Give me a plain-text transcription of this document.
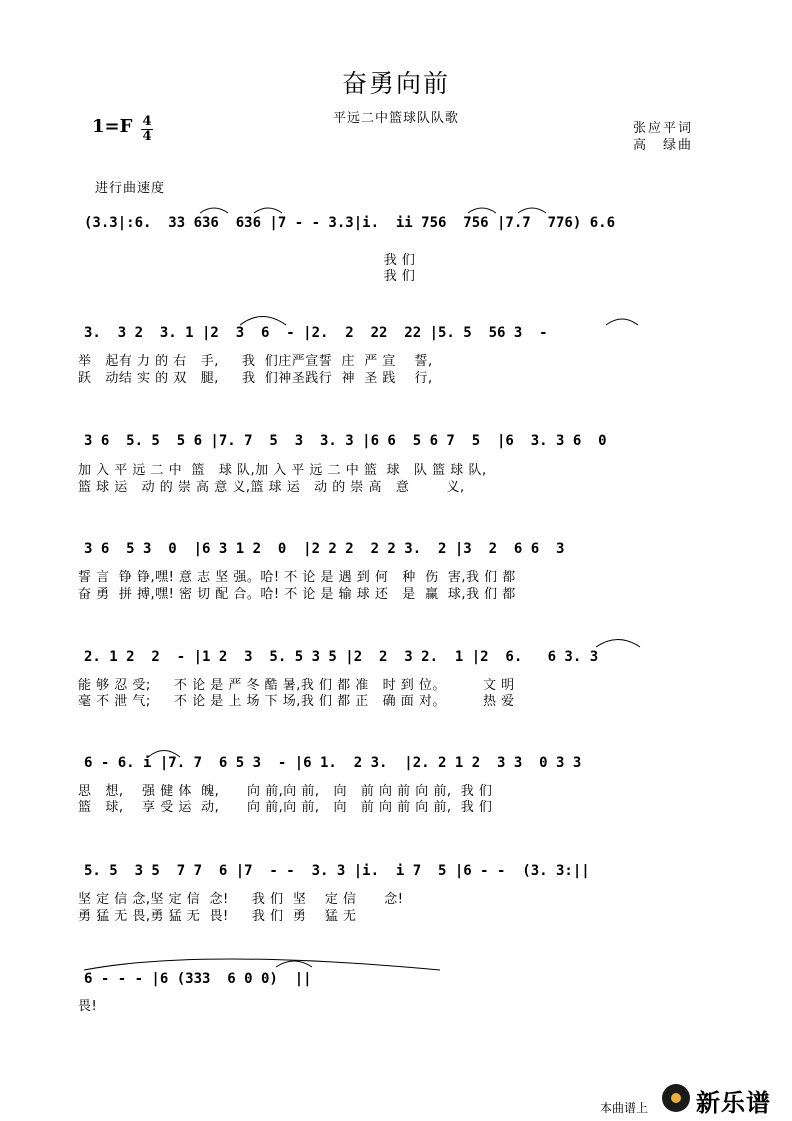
奋勇向前
平远二中篮球队队歌
1=F 4
4
张应平词
高　绿曲
进行曲速度
(3.3|:6.  33 636  636 |7 - - 3.3|i.  ii 756  756 |7.7  776) 6.6
我 们
我 们
3.  3 2  3. 1 |2  3  6  - |2.  2  22  22 |5. 5  56 3  -
举   起有 力 的 右   手,     我  们庄严宣誓  庄  严 宣    誓,
跃   动结 实 的 双   腿,     我  们神圣践行  神  圣 践    行,
3 6  5. 5  5 6 |7. 7  5  3  3. 3 |6 6  5 6 7  5  |6  3. 3 6  0
加 入 平 远 二 中  篮   球 队,加 入 平 远 二 中 篮  球   队 篮 球 队,
篮 球 运   动 的 崇 高 意 义,篮 球 运   动 的 崇 高   意        义,
3 6  5 3  0  |6 3 1 2  0  |2 2 2  2 2 3.  2 |3  2  6 6  3
誓 言  铮 铮,嘿! 意 志 坚 强。哈! 不 论 是 遇 到 何   种  伤  害,我 们 都
奋 勇  拼 搏,嘿! 密 切 配 合。哈! 不 论 是 输 球 还   是  赢  球,我 们 都
2. 1 2  2  - |1 2  3  5. 5 3 5 |2  2  3 2.  1 |2  6.   6 3. 3
能 够 忍 受;     不 论 是 严 冬 酷 暑,我 们 都 准   时 到 位。        文 明
毫 不 泄 气;     不 论 是 上 场 下 场,我 们 都 正   确 面 对。        热 爱
6 - 6. i |7. 7  6 5 3  - |6 1.  2 3.  |2. 2 1 2  3 3  0 3 3
思   想,    强 健 体  魄,      向 前,向 前,   向   前 向 前 向 前,  我 们
篮   球,    享 受 运  动,      向 前,向 前,   向   前 向 前 向 前,  我 们
5. 5  3 5  7 7  6 |7  - -  3. 3 |i.  i 7  5 |6 - -  (3. 3:||
坚 定 信 念,坚 定 信  念!     我 们  坚    定 信      念!
勇 猛 无 畏,勇 猛 无  畏!     我 们  勇    猛 无
6 - - - |6 (333  6 0 0)  ||
畏!
本曲谱上 新乐谱
